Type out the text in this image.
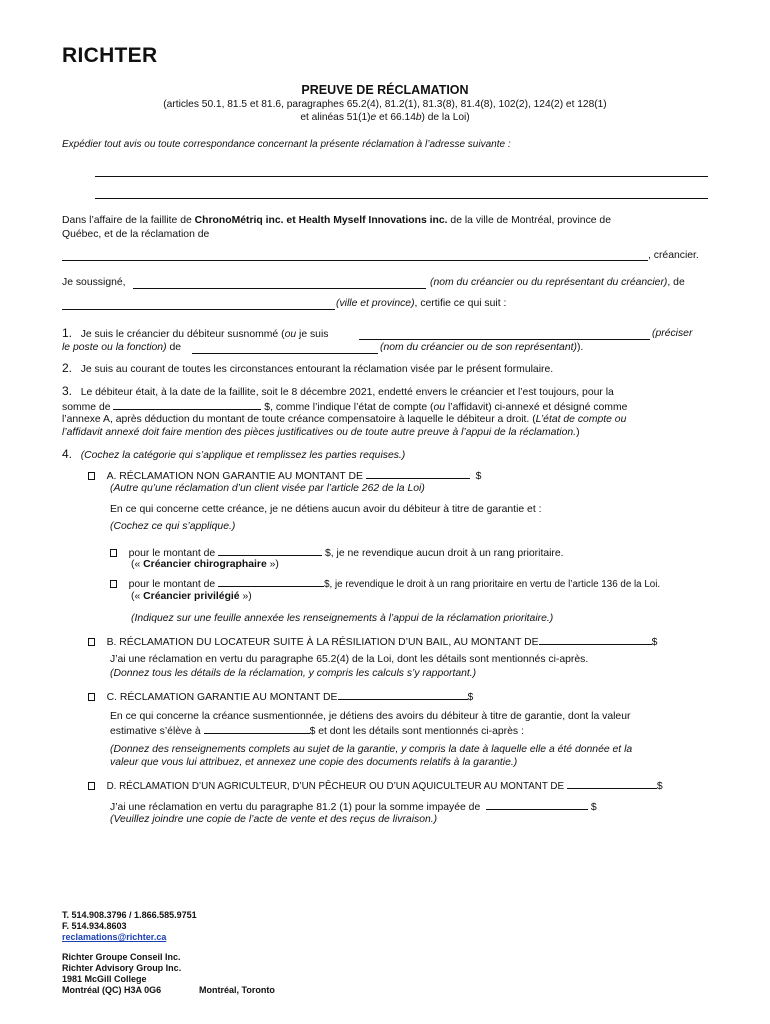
RICHTER
PREUVE DE RÉCLAMATION
(articles 50.1, 81.5 et 81.6, paragraphes 65.2(4), 81.2(1), 81.3(8), 81.4(8), 102(2), 124(2) et 128(1)
et alinéas 51(1)e et 66.14b) de la Loi)
Expédier tout avis ou toute correspondance concernant la présente réclamation à l’adresse suivante :
Dans l’affaire de la faillite de ChronoMétriq inc. et Health Myself Innovations inc. de la ville de Montréal, province de
Québec, et de la réclamation de
, créancier.
Je soussigné,	(nom du créancier ou du représentant du créancier), de
(ville et province), certifie ce qui suit :
1. Je suis le créancier du débiteur susnommé (ou je suis	(préciser
le poste ou la fonction) de	(nom du créancier ou de son représentant)).
2. Je suis au courant de toutes les circonstances entourant la réclamation visée par le présent formulaire.
3. Le débiteur était, à la date de la faillite, soit le 8 décembre 2021, endetté envers le créancier et l’est toujours, pour la
somme de	$, comme l’indique l’état de compte (ou l’affidavit) ci-annexé et désigné comme
l’annexe A, après déduction du montant de toute créance compensatoire à laquelle le débiteur a droit. (L’état de compte ou
l’affidavit annexé doit faire mention des pièces justificatives ou de toute autre preuve à l’appui de la réclamation.)
4. (Cochez la catégorie qui s’applique et remplissez les parties requises.)
A. RÉCLAMATION NON GARANTIE AU MONTANT DE	$
(Autre qu’une réclamation d’un client visée par l’article 262 de la Loi)
En ce qui concerne cette créance, je ne détiens aucun avoir du débiteur à titre de garantie et :
(Cochez ce qui s’applique.)
pour le montant de	$, je ne revendique aucun droit à un rang prioritaire.
(« Créancier chirographaire »)
pour le montant de	$, je revendique le droit à un rang prioritaire en vertu de l’article 136 de la Loi.
(« Créancier privilégié »)
(Indiquez sur une feuille annexée les renseignements à l’appui de la réclamation prioritaire.)
B. RÉCLAMATION DU LOCATEUR SUITE À LA RÉSILIATION D’UN BAIL, AU MONTANT DE	$
J’ai une réclamation en vertu du paragraphe 65.2(4) de la Loi, dont les détails sont mentionnés ci-après.
(Donnez tous les détails de la réclamation, y compris les calculs s’y rapportant.)
C. RÉCLAMATION GARANTIE AU MONTANT DE	$
En ce qui concerne la créance susmentionnée, je détiens des avoirs du débiteur à titre de garantie, dont la valeur
estimative s’élève à	$ et dont les détails sont mentionnés ci-après :
(Donnez des renseignements complets au sujet de la garantie, y compris la date à laquelle elle a été donnée et la
valeur que vous lui attribuez, et annexez une copie des documents relatifs à la garantie.)
D. RÉCLAMATION D’UN AGRICULTEUR, D’UN PÊCHEUR OU D’UN AQUICULTEUR AU MONTANT DE	$
J’ai une réclamation en vertu du paragraphe 81.2 (1) pour la somme impayée de	$
(Veuillez joindre une copie de l’acte de vente et des reçus de livraison.)
T. 514.908.3796 / 1.866.585.9751
F. 514.934.8603
reclamations@richter.ca
Richter Groupe Conseil Inc.
Richter Advisory Group Inc.
1981 McGill College
Montréal (QC) H3A 0G6	Montréal, Toronto
